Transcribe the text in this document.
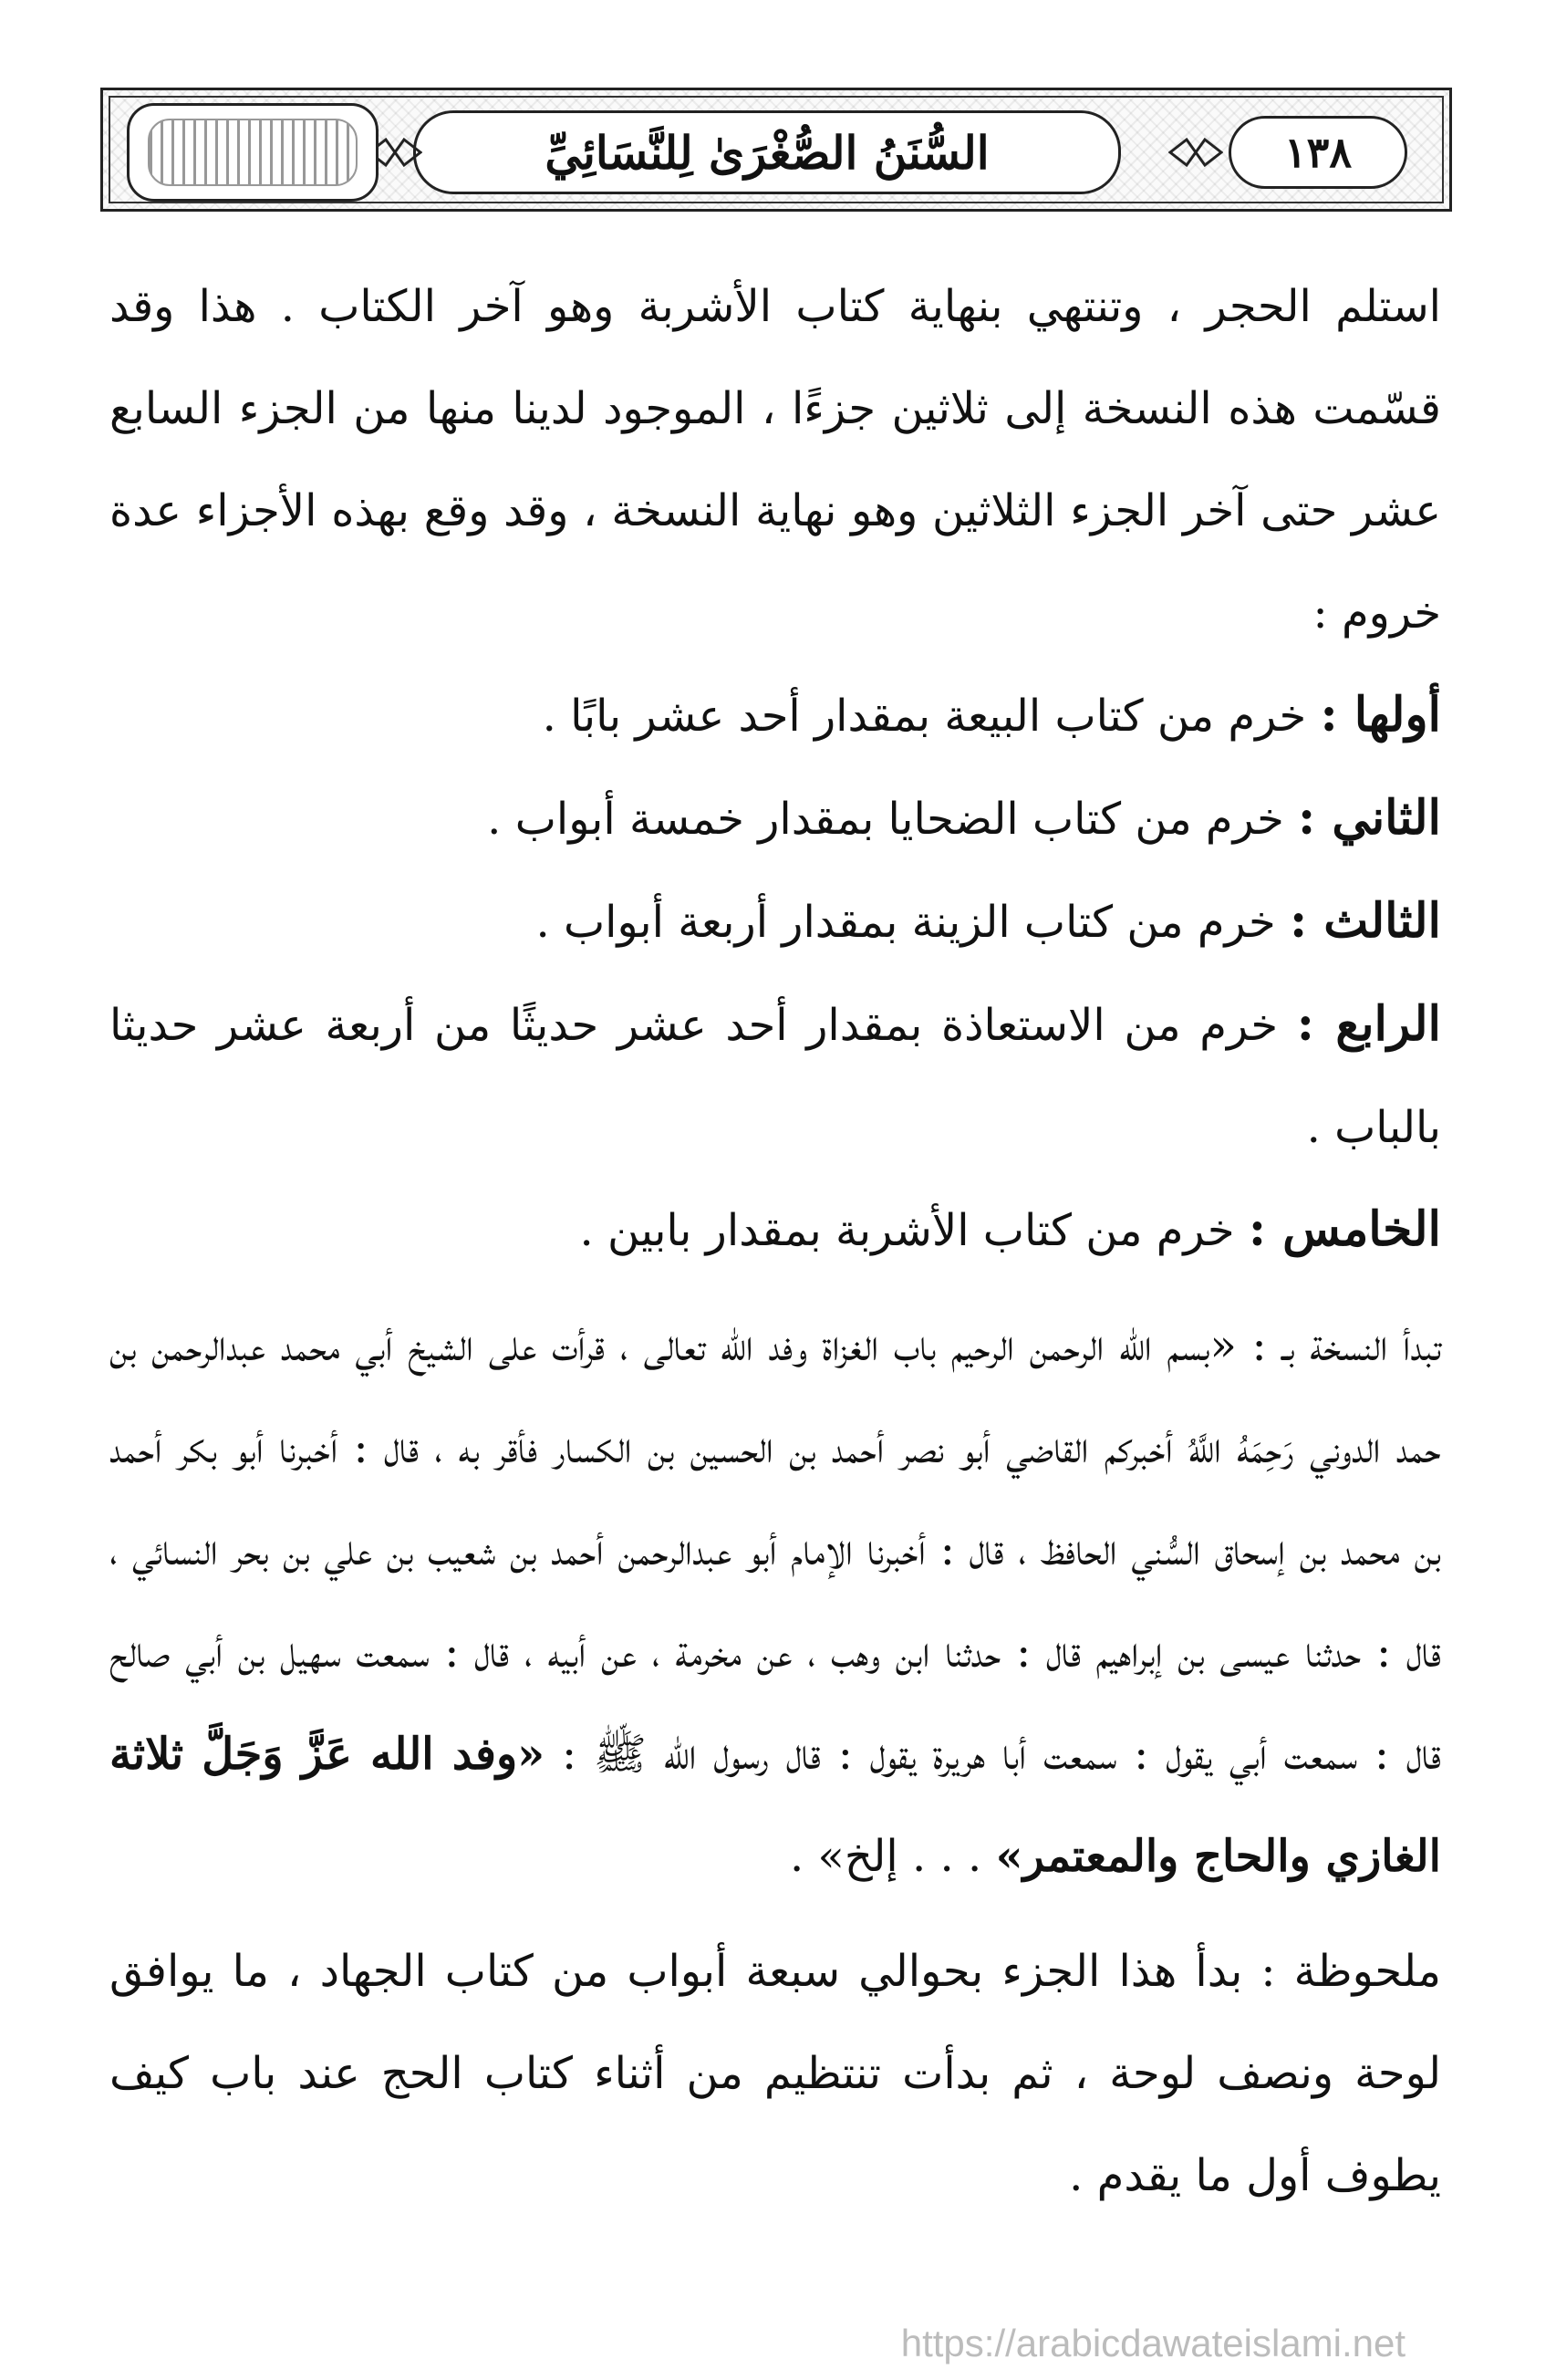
١٣٨
السُّنَنُ الصُّغْرَىٰ لِلنَّسَائِيِّ

استلم الحجر ، وتنتهي بنهاية كتاب الأشربة وهو آخر الكتاب . هذا وقد قسّمت هذه النسخة إلى ثلاثين جزءًا ، الموجود لدينا منها من الجزء السابع عشر حتى آخر الجزء الثلاثين وهو نهاية النسخة ، وقد وقع بهذه الأجزاء عدة خروم :

أولها : خرم من كتاب البيعة بمقدار أحد عشر بابًا .

الثاني : خرم من كتاب الضحايا بمقدار خمسة أبواب .

الثالث : خرم من كتاب الزينة بمقدار أربعة أبواب .

الرابع : خرم من الاستعاذة بمقدار أحد عشر حديثًا من أربعة عشر حديثا بالباب .

الخامس : خرم من كتاب الأشربة بمقدار بابين .

تبدأ النسخة بـ : «بسم الله الرحمن الرحيم باب الغزاة وفد الله تعالى ، قرأت على الشيخ أبي محمد عبدالرحمن بن حمد الدوني رَحِمَهُ اللَّهُ أخبركم القاضي أبو نصر أحمد بن الحسين بن الكسار فأقر به ، قال : أخبرنا أبو بكر أحمد بن محمد بن إسحاق السُّني الحافظ ، قال : أخبرنا الإمام أبو عبدالرحمن أحمد بن شعيب بن علي بن بحر النسائي ، قال : حدثنا عيسى بن إبراهيم قال : حدثنا ابن وهب ، عن مخرمة ، عن أبيه ، قال : سمعت سهيل بن أبي صالح قال : سمعت أبي يقول : سمعت أبا هريرة يقول : قال رسول الله ﷺ : «وفد الله عَزَّ وَجَلَّ ثلاثة الغازي والحاج والمعتمر» . . . إلخ» .

ملحوظة : بدأ هذا الجزء بحوالي سبعة أبواب من كتاب الجهاد ، ما يوافق لوحة ونصف لوحة ، ثم بدأت تنتظيم من أثناء كتاب الحج عند باب كيف يطوف أول ما يقدم .

https://arabicdawateislami.net
